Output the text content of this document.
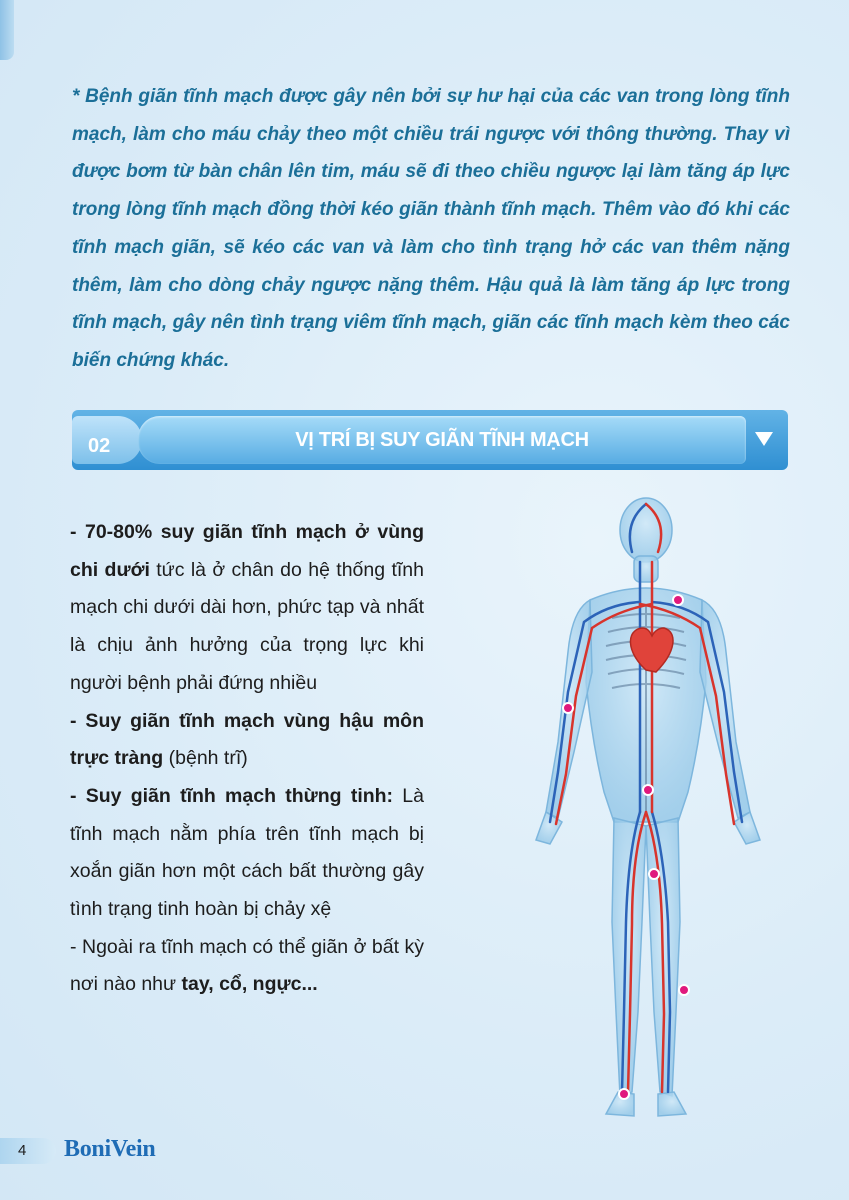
* Bệnh giãn tĩnh mạch được gây nên bởi sự hư hại của các van trong lòng tĩnh mạch, làm cho máu chảy theo một chiều trái ngược với thông thường. Thay vì được bơm từ bàn chân lên tim, máu sẽ đi theo chiều ngược lại làm tăng áp lực trong lòng tĩnh mạch đồng thời kéo giãn thành tĩnh mạch. Thêm vào đó khi các tĩnh mạch giãn, sẽ kéo các van và làm cho tình trạng hở các van thêm nặng thêm, làm cho dòng chảy ngược nặng thêm. Hậu quả là làm tăng áp lực trong tĩnh mạch, gây nên tình trạng viêm tĩnh mạch, giãn các tĩnh mạch kèm theo các biến chứng khác.

02	VỊ TRÍ BỊ SUY GIÃN TĨNH MẠCH

- 70-80% suy giãn tĩnh mạch ở vùng chi dưới tức là ở chân do hệ thống tĩnh mạch chi dưới dài hơn, phức tạp và nhất là chịu ảnh hưởng của trọng lực khi người bệnh phải đứng nhiều

- Suy giãn tĩnh mạch vùng hậu môn trực tràng (bệnh trĩ)

- Suy giãn tĩnh mạch thừng tinh: Là tĩnh mạch nằm phía trên tĩnh mạch bị xoắn giãn hơn một cách bất thường gây tình trạng tinh hoàn bị chảy xệ

- Ngoài ra tĩnh mạch có thể giãn ở bất kỳ nơi nào như tay, cổ, ngực...

4 BoniVein
